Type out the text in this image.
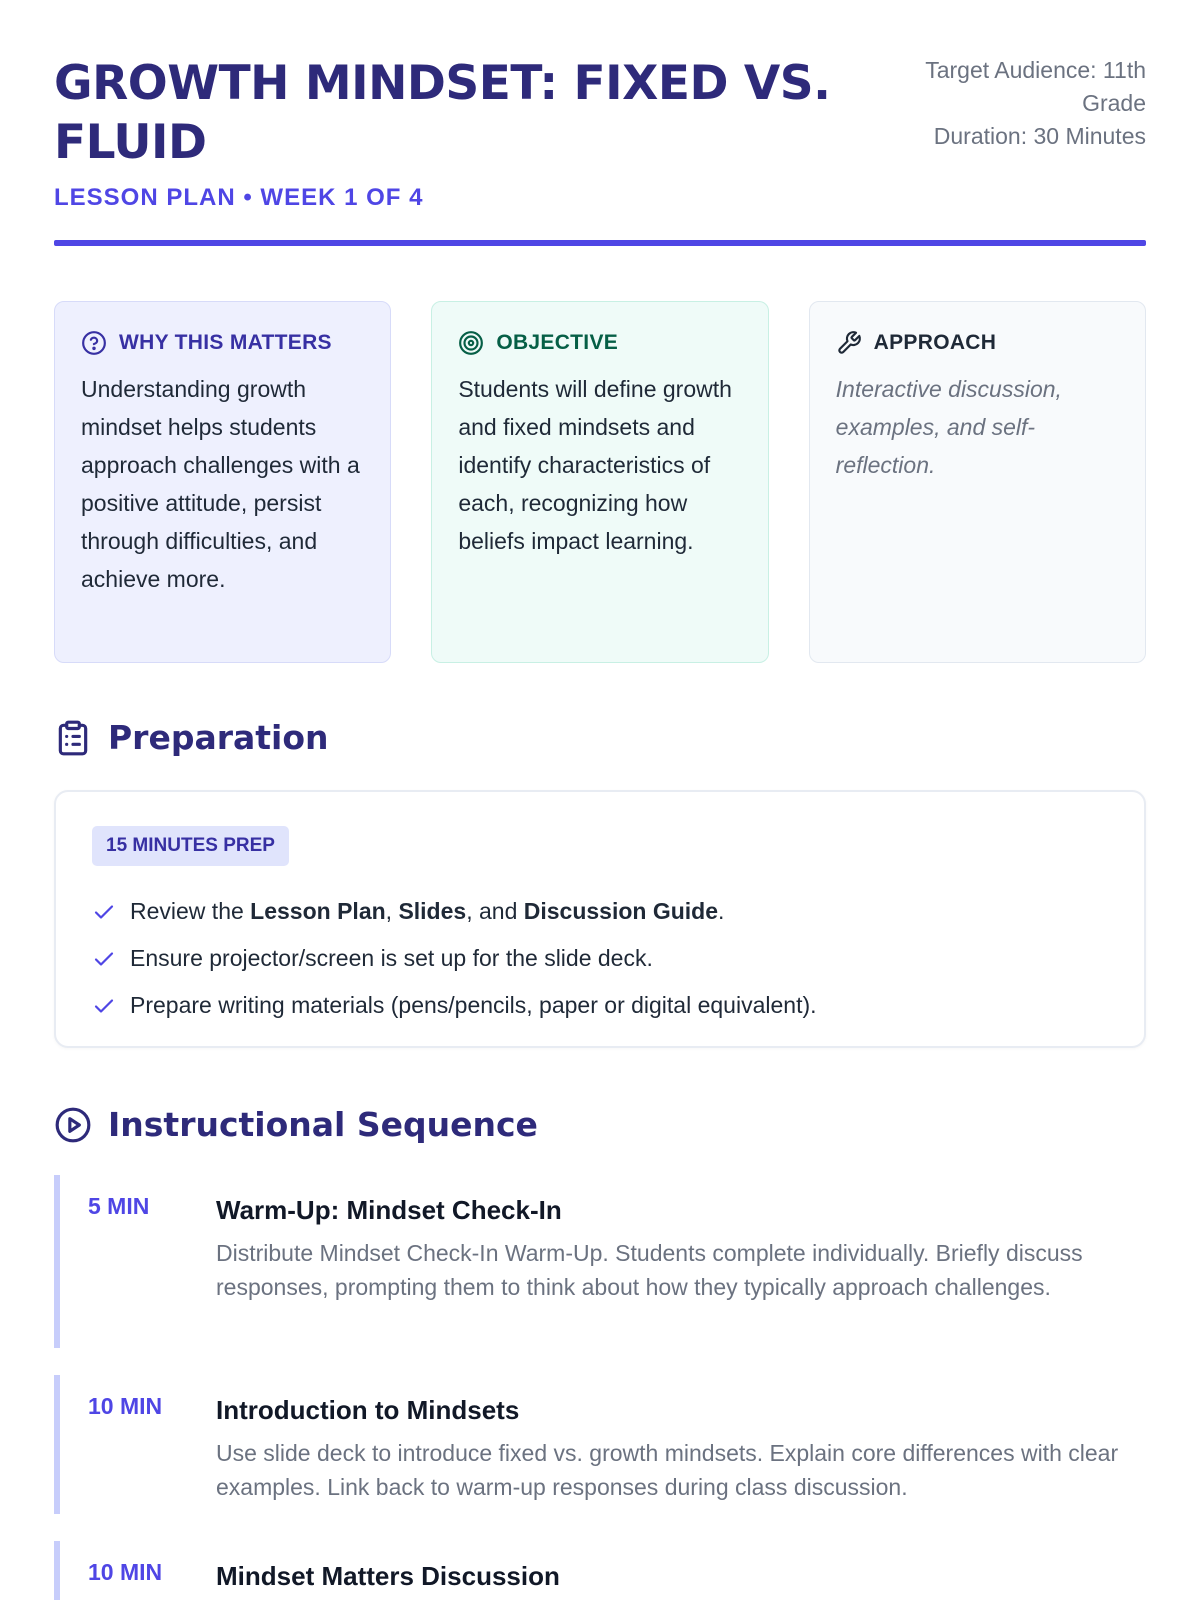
GROWTH MINDSET: FIXED VS. FLUID
LESSON PLAN • WEEK 1 OF 4
Target Audience: 11th Grade
Duration: 30 Minutes
WHY THIS MATTERS

Understanding growth mindset helps students approach challenges with a positive attitude, persist through difficulties, and achieve more.

OBJECTIVE

Students will define growth and fixed mindsets and identify characteristics of each, recognizing how beliefs impact learning.

APPROACH

Interactive discussion, examples, and self-reflection.

Preparation
15 MINUTES PREP
Review the Lesson Plan, Slides, and Discussion Guide.
Ensure projector/screen is set up for the slide deck.
Prepare writing materials (pens/pencils, paper or digital equivalent).
Instructional Sequence
5 MIN	Warm-Up: Mindset Check-In
Distribute Mindset Check-In Warm-Up. Students complete individually. Briefly discuss responses, prompting them to think about how they typically approach challenges.
10 MIN	Introduction to Mindsets
Use slide deck to introduce fixed vs. growth mindsets. Explain core differences with clear examples. Link back to warm-up responses during class discussion.
10 MIN	Mindset Matters Discussion
